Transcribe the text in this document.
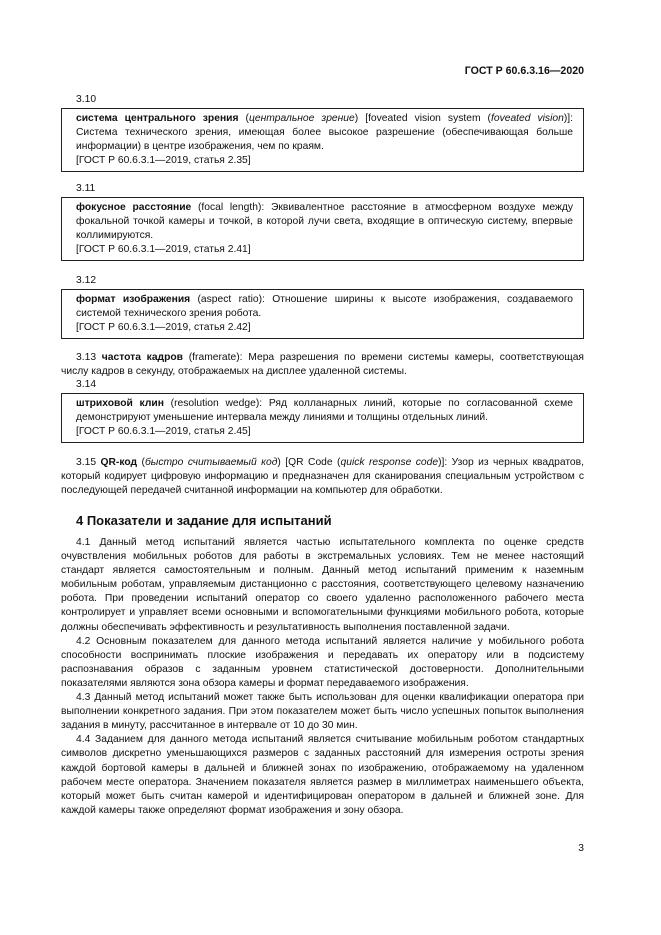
ГОСТ Р 60.6.3.16—2020
3.10

система центрального зрения (центральное зрение) [foveated vision system (foveated vision)]: Система технического зрения, имеющая более высокое разрешение (обеспечивающая больше информации) в центре изображения, чем по краям.

[ГОСТ Р 60.6.3.1—2019, статья 2.35]

3.11

фокусное расстояние (focal length): Эквивалентное расстояние в атмосферном воздухе между фокальной точкой камеры и точкой, в которой лучи света, входящие в оптическую систему, впервые коллимируются.

[ГОСТ Р 60.6.3.1—2019, статья 2.41]

3.12

формат изображения (aspect ratio): Отношение ширины к высоте изображения, создаваемого системой технического зрения робота.

[ГОСТ Р 60.6.3.1—2019, статья 2.42]

3.13 частота кадров (framerate): Мера разрешения по времени системы камеры, соответствующая числу кадров в секунду, отображаемых на дисплее удаленной системы.

3.14

штриховой клин (resolution wedge): Ряд колланарных линий, которые по согласованной схеме демонстрируют уменьшение интервала между линиями и толщины отдельных линий.

[ГОСТ Р 60.6.3.1—2019, статья 2.45]

3.15 QR-код (быстро считываемый код) [QR Code (quick response code)]: Узор из черных квадратов, который кодирует цифровую информацию и предназначен для сканирования специальным устройством с последующей передачей считанной информации на компьютер для обработки.

4 Показатели и задание для испытаний

4.1 Данный метод испытаний является частью испытательного комплекта по оценке средств очувствления мобильных роботов для работы в экстремальных условиях. Тем не менее настоящий стандарт является самостоятельным и полным. Данный метод испытаний применим к наземным мобильным роботам, управляемым дистанционно с расстояния, соответствующего целевому назначению робота. При проведении испытаний оператор со своего удаленно расположенного рабочего места контролирует и управляет всеми основными и вспомогательными функциями мобильного робота, которые должны обеспечивать эффективность и результативность выполнения поставленной задачи.

4.2 Основным показателем для данного метода испытаний является наличие у мобильного робота способности воспринимать плоские изображения и передавать их оператору или в подсистему распознавания образов с заданным уровнем статистической достоверности. Дополнительными показателями являются зона обзора камеры и формат передаваемого изображения.

4.3 Данный метод испытаний может также быть использован для оценки квалификации оператора при выполнении конкретного задания. При этом показателем может быть число успешных попыток выполнения задания в минуту, рассчитанное в интервале от 10 до 30 мин.

4.4 Заданием для данного метода испытаний является считывание мобильным роботом стандартных символов дискретно уменьшающихся размеров с заданных расстояний для измерения остроты зрения каждой бортовой камеры в дальней и ближней зонах по изображению, отображаемому на удаленном рабочем месте оператора. Значением показателя является размер в миллиметрах наименьшего объекта, который может быть считан камерой и идентифицирован оператором в дальней и ближней зоне. Для каждой камеры также определяют формат изображения и зону обзора.

3
